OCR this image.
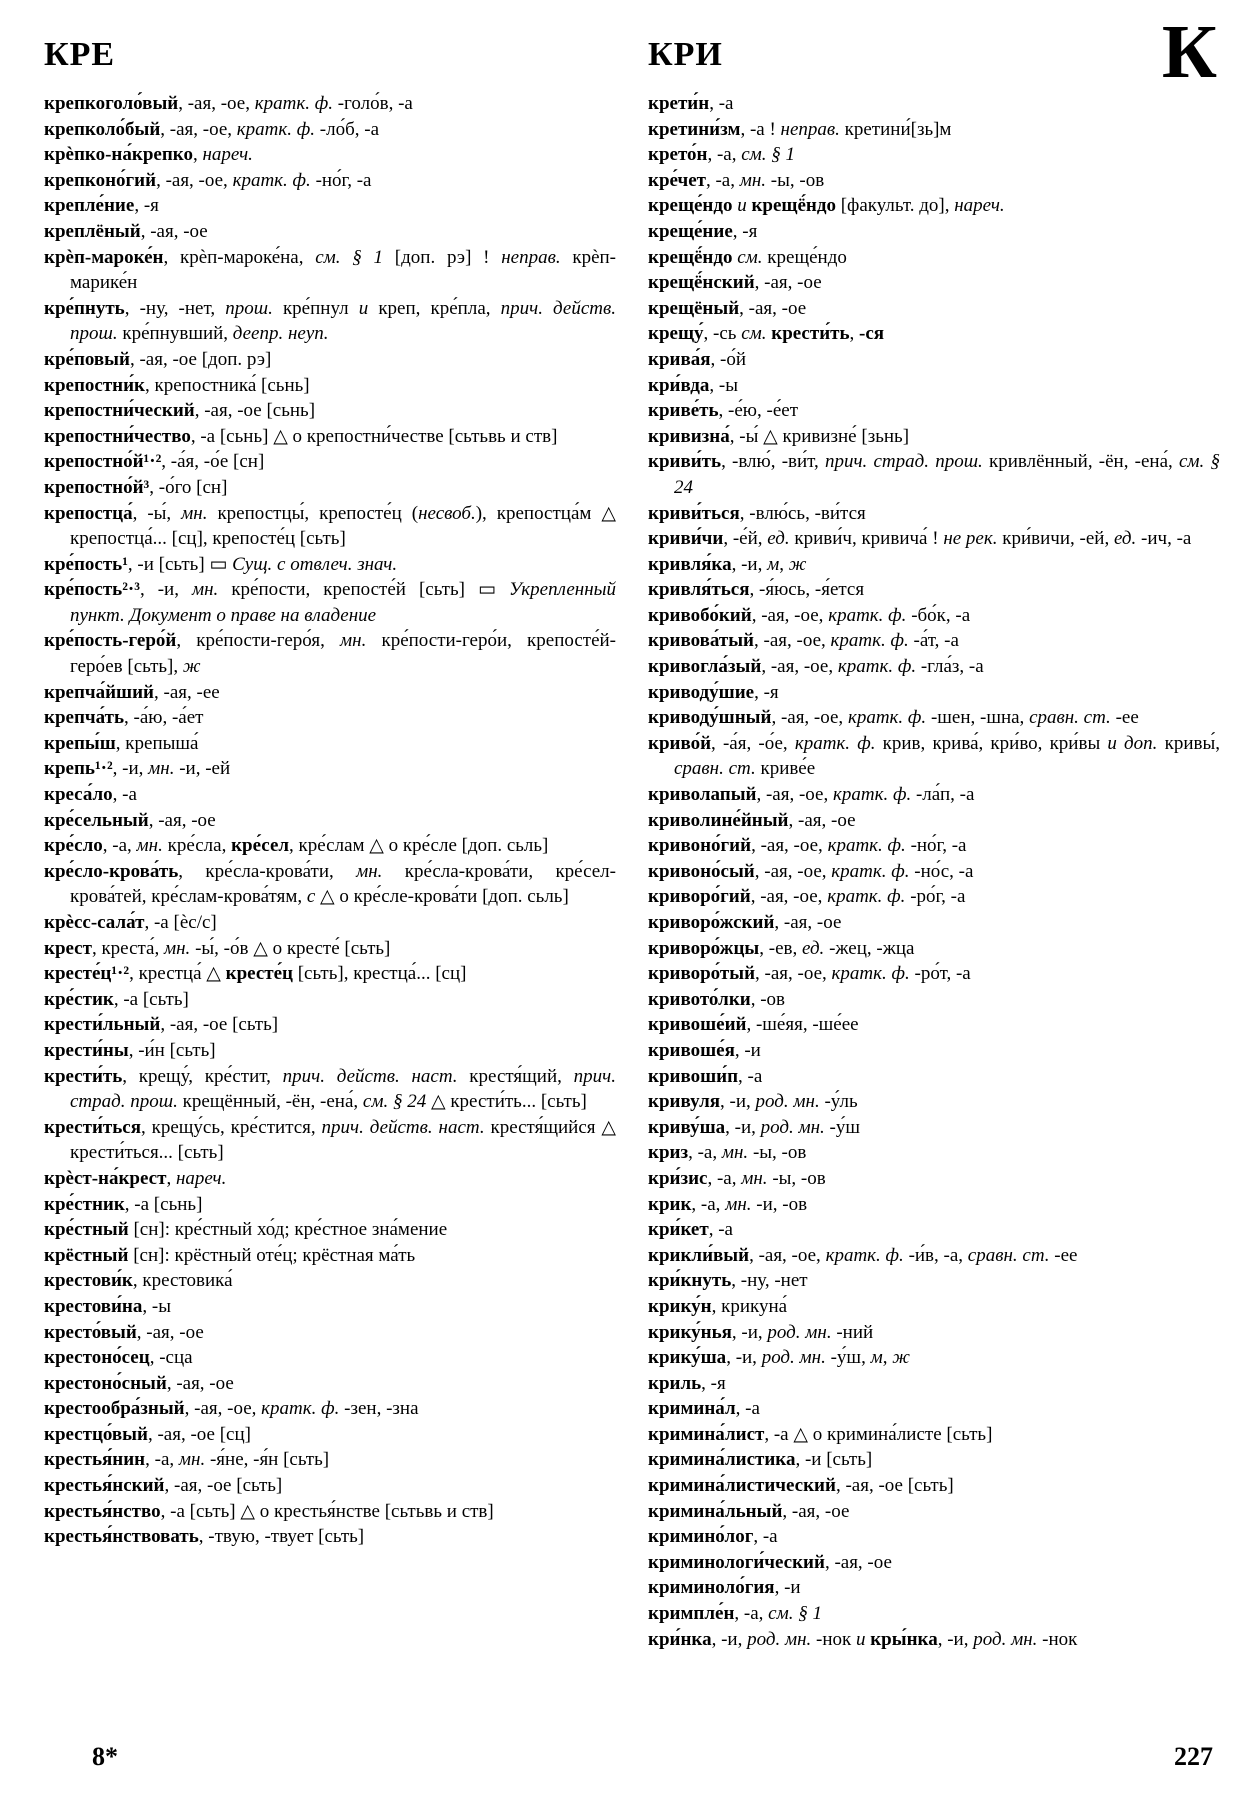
КРЕ	КРИ	К

крепкоголо́вый, -ая, -ое, кратк. ф. -голо́в, -а

крепколо́бый, -ая, -ое, кратк. ф. -ло́б, -а

крѐпко-на́крепко, нареч.

крепконо́гий, -ая, -ое, кратк. ф. -но́г, -а

крепле́ние, -я

креплёный, -ая, -ое

крѐп-мароке́н, крѐп-мароке́на, см. § 1 [доп. рэ] ! неправ. крѐп-марике́н

кре́пнуть, -ну, -нет, прош. кре́пнул и креп, кре́пла, прич. действ. прош. кре́пнувший, деепр. неуп.

кре́повый, -ая, -ое [доп. рэ]

крепостни́к, крепостника́ [сьнь]

крепостни́ческий, -ая, -ое [сьнь]

крепостни́чество, -а [сьнь] △ о крепостни́честве [сьтьвь и ств]

крепостно́й¹·², -а́я, -о́е [сн]

крепостно́й³, -о́го [сн]

крепостца́, -ы́, мн. крепостцы́, крепосте́ц (несвоб.), крепостца́м △ крепостца́... [сц], крепосте́ц [сьть]

кре́пость¹, -и [сьть] ▭ Сущ. с отвлеч. знач.

кре́пость²·³, -и, мн. кре́пости, крепосте́й [сьть] ▭ Укрепленный пункт. Документ о праве на владение

кре́пость-геро́й, кре́пости-геро́я, мн. кре́пости-геро́и, крепосте́й-геро́ев [сьть], ж

крепча́йший, -ая, -ее

крепча́ть, -а́ю, -а́ет

крепы́ш, крепыша́

крепь¹·², -и, мн. -и, -ей

креса́ло, -а

кре́сельный, -ая, -ое

кре́сло, -а, мн. кре́сла, кре́сел, кре́слам △ о кре́сле [доп. сьль]

кре́сло-крова́ть, кре́сла-крова́ти, мн. кре́сла-крова́ти, кре́сел-крова́тей, кре́слам-крова́тям, с △ о кре́сле-крова́ти [доп. сьль]

крѐсс-сала́т, -а [ѐс/с]

крест, креста́, мн. -ы́, -о́в △ о кресте́ [сьть]

кресте́ц¹·², крестца́ △ кресте́ц [сьть], крестца́... [сц]

кре́стик, -а [сьть]

крести́льный, -ая, -ое [сьть]

крести́ны, -и́н [сьть]

крести́ть, крещу́, кре́стит, прич. действ. наст. крестя́щий, прич. страд. прош. крещённый, -ён, -ена́, см. § 24 △ крести́ть... [сьть]

крести́ться, крещу́сь, кре́стится, прич. действ. наст. крестя́щийся △ крести́ться... [сьть]

крѐст-на́крест, нареч.

кре́стник, -а [сьнь]

кре́стный [сн]: кре́стный хо́д; кре́стное зна́мение

крёстный [сн]: крёстный оте́ц; крёстная ма́ть

крестови́к, крестовика́

крестови́на, -ы

кресто́вый, -ая, -ое

крестоно́сец, -сца

крестоно́сный, -ая, -ое

крестообра́зный, -ая, -ое, кратк. ф. -зен, -зна

крестцо́вый, -ая, -ое [сц]

крестья́нин, -а, мн. -я́не, -я́н [сьть]

крестья́нский, -ая, -ое [сьть]

крестья́нство, -а [сьть] △ о крестья́нстве [сьтьвь и ств]

крестья́нствовать, -твую, -твует [сьть]

крети́н, -а

кретини́зм, -а ! неправ. кретини́[зь]м

крето́н, -а, см. § 1

кре́чет, -а, мн. -ы, -ов

креще́ндо и крещё́ндо [факульт. до], нареч.

креще́ние, -я

крещё́ндо см. креще́ндо

крещё́нский, -ая, -ое

крещёный, -ая, -ое

крещу́, -сь см. крести́ть, -ся

крива́я, -о́й

кри́вда, -ы

криве́ть, -е́ю, -е́ет

кривизна́, -ы́ △ кривизне́ [зьнь]

криви́ть, -влю́, -ви́т, прич. страд. прош. кривлённый, -ён, -ена́, см. § 24

криви́ться, -влю́сь, -ви́тся

криви́чи, -е́й, ед. криви́ч, кривича́ ! не рек. кри́вичи, -ей, ед. -ич, -а

кривля́ка, -и, м, ж

кривля́ться, -я́юсь, -я́ется

кривобо́кий, -ая, -ое, кратк. ф. -бо́к, -а

кривова́тый, -ая, -ое, кратк. ф. -а́т, -а

кривогла́зый, -ая, -ое, кратк. ф. -гла́з, -а

криводу́шие, -я

криводу́шный, -ая, -ое, кратк. ф. -шен, -шна, сравн. ст. -ее

криво́й, -а́я, -о́е, кратк. ф. крив, крива́, кри́во, кри́вы и доп. кривы́, сравн. ст. криве́е

криволапый, -ая, -ое, кратк. ф. -ла́п, -а

криволине́йный, -ая, -ое

кривоно́гий, -ая, -ое, кратк. ф. -но́г, -а

кривоно́сый, -ая, -ое, кратк. ф. -но́с, -а

криворо́гий, -ая, -ое, кратк. ф. -ро́г, -а

криворо́жский, -ая, -ое

криворо́жцы, -ев, ед. -жец, -жца

криворо́тый, -ая, -ое, кратк. ф. -ро́т, -а

кривото́лки, -ов

кривоше́ий, -ше́яя, -ше́ее

кривоше́я, -и

кривоши́п, -а

кривуля, -и, род. мн. -у́ль

криву́ша, -и, род. мн. -у́ш

криз, -а, мн. -ы, -ов

кри́зис, -а, мн. -ы, -ов

крик, -а, мн. -и, -ов

кри́кет, -а

крикли́вый, -ая, -ое, кратк. ф. -и́в, -а, сравн. ст. -ее

кри́кнуть, -ну, -нет

крику́н, крикуна́

крику́нья, -и, род. мн. -ний

крику́ша, -и, род. мн. -у́ш, м, ж

криль, -я

кримина́л, -а

кримина́лист, -а △ о кримина́листе [сьть]

кримина́листика, -и [сьть]

кримина́листический, -ая, -ое [сьть]

кримина́льный, -ая, -ое

кримино́лог, -а

криминологи́ческий, -ая, -ое

криминоло́гия, -и

кримпле́н, -а, см. § 1

кри́нка, -и, род. мн. -нок и кры́нка, -и, род. мн. -нок

8*	227
